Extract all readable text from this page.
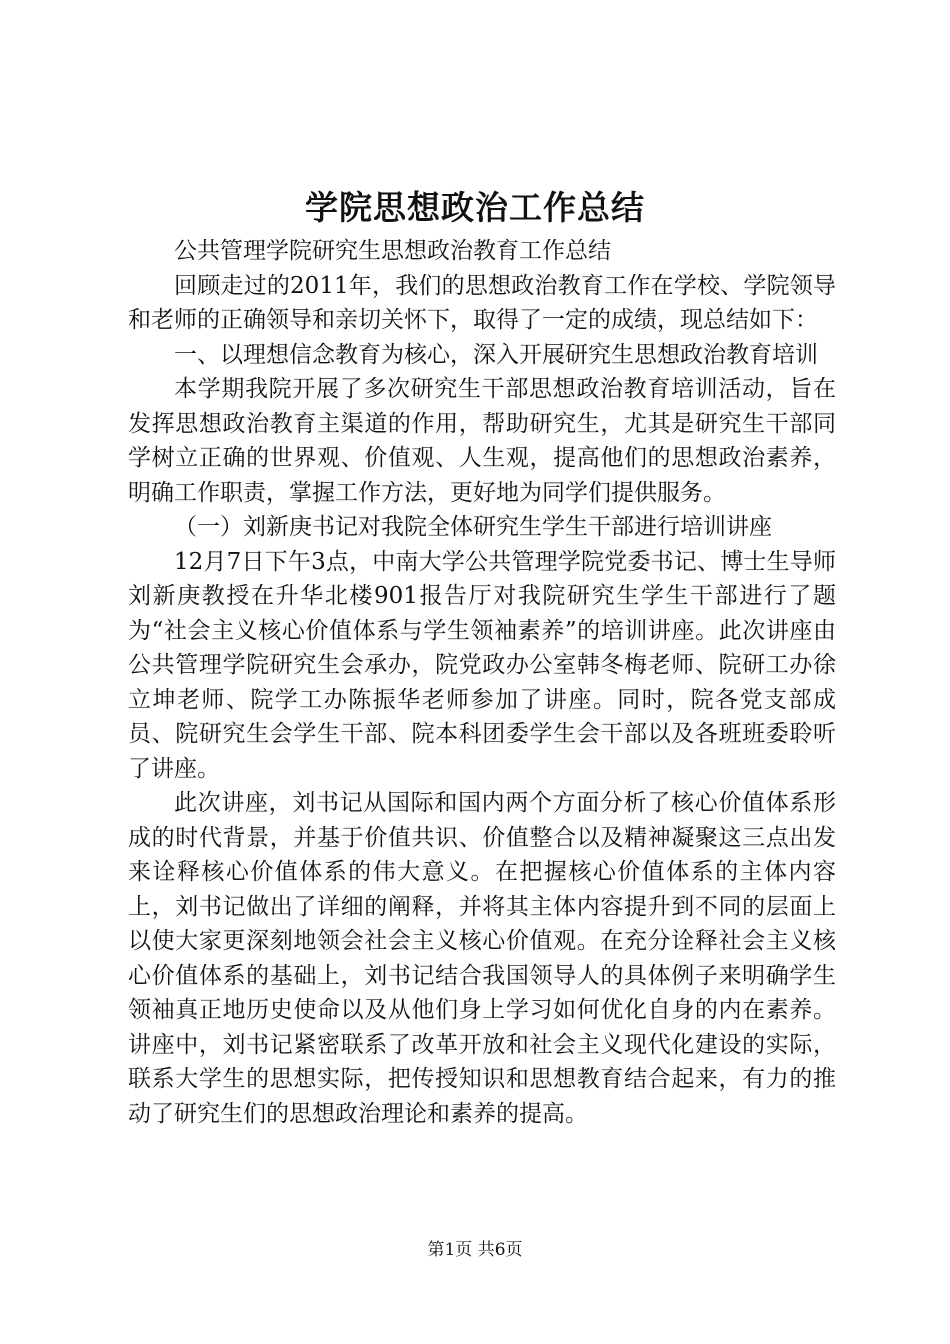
学院思想政治工作总结

公共管理学院研究生思想政治教育工作总结

回顾走过的2011年，我们的思想政治教育工作在学校、学院领导和老师的正确领导和亲切关怀下，取得了一定的成绩，现总结如下：

一、以理想信念教育为核心，深入开展研究生思想政治教育培训

本学期我院开展了多次研究生干部思想政治教育培训活动，旨在发挥思想政治教育主渠道的作用，帮助研究生，尤其是研究生干部同学树立正确的世界观、价值观、人生观，提高他们的思想政治素养，明确工作职责，掌握工作方法，更好地为同学们提供服务。

（一）刘新庚书记对我院全体研究生学生干部进行培训讲座

12月7日下午3点，中南大学公共管理学院党委书记、博士生导师刘新庚教授在升华北楼901报告厅对我院研究生学生干部进行了题为“社会主义核心价值体系与学生领袖素养”的培训讲座。此次讲座由公共管理学院研究生会承办，院党政办公室韩冬梅老师、院研工办徐立坤老师、院学工办陈振华老师参加了讲座。同时，院各党支部成员、院研究生会学生干部、院本科团委学生会干部以及各班班委聆听了讲座。

此次讲座，刘书记从国际和国内两个方面分析了核心价值体系形成的时代背景，并基于价值共识、价值整合以及精神凝聚这三点出发来诠释核心价值体系的伟大意义。在把握核心价值体系的主体内容上，刘书记做出了详细的阐释，并将其主体内容提升到不同的层面上以使大家更深刻地领会社会主义核心价值观。在充分诠释社会主义核心价值体系的基础上，刘书记结合我国领导人的具体例子来明确学生领袖真正地历史使命以及从他们身上学习如何优化自身的内在素养。讲座中，刘书记紧密联系了改革开放和社会主义现代化建设的实际，联系大学生的思想实际，把传授知识和思想教育结合起来，有力的推动了研究生们的思想政治理论和素养的提高。

第1页 共6页
